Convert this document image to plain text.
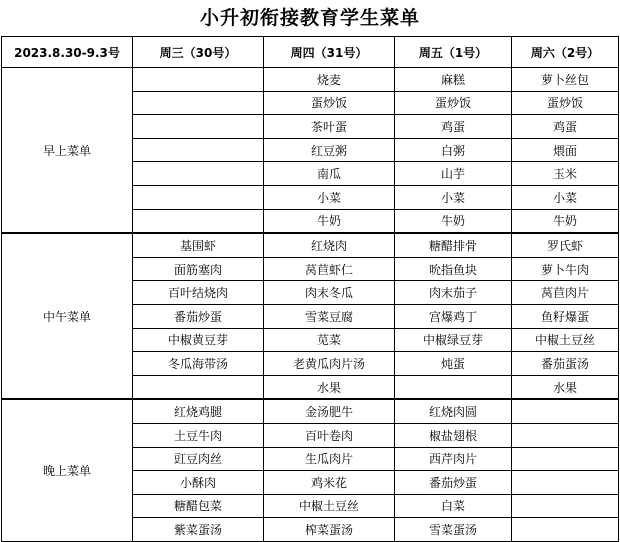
小升初衔接教育学生菜单
2023.8.30-9.3号	周三（30号）	周四（31号）	周五（1号）	周六（2号）
早上菜单		烧麦	麻糕	萝卜丝包
		蛋炒饭	蛋炒饭	蛋炒饭
		茶叶蛋	鸡蛋	鸡蛋
		红豆粥	白粥	煨面
		南瓜	山芋	玉米
		小菜	小菜	小菜
		牛奶	牛奶	牛奶
中午菜单	基围虾	红烧肉	糖醋排骨	罗氏虾
	面筋塞肉	莴苣虾仁	吮指鱼块	萝卜牛肉
	百叶结烧肉	肉末冬瓜	肉末茄子	莴苣肉片
	番茄炒蛋	雪菜豆腐	宫爆鸡丁	鱼籽爆蛋
	中椒黄豆芽	苋菜	中椒绿豆芽	中椒土豆丝
	冬瓜海带汤	老黄瓜肉片汤	炖蛋	番茄蛋汤
		水果		水果
晚上菜单	红烧鸡腿	金汤肥牛	红烧肉圆	
	土豆牛肉	百叶卷肉	椒盐翅根	
	豇豆肉丝	生瓜肉片	西芹肉片	
	小酥肉	鸡米花	番茄炒蛋	
	糖醋包菜	中椒土豆丝	白菜	
	紫菜蛋汤	榨菜蛋汤	雪菜蛋汤	
